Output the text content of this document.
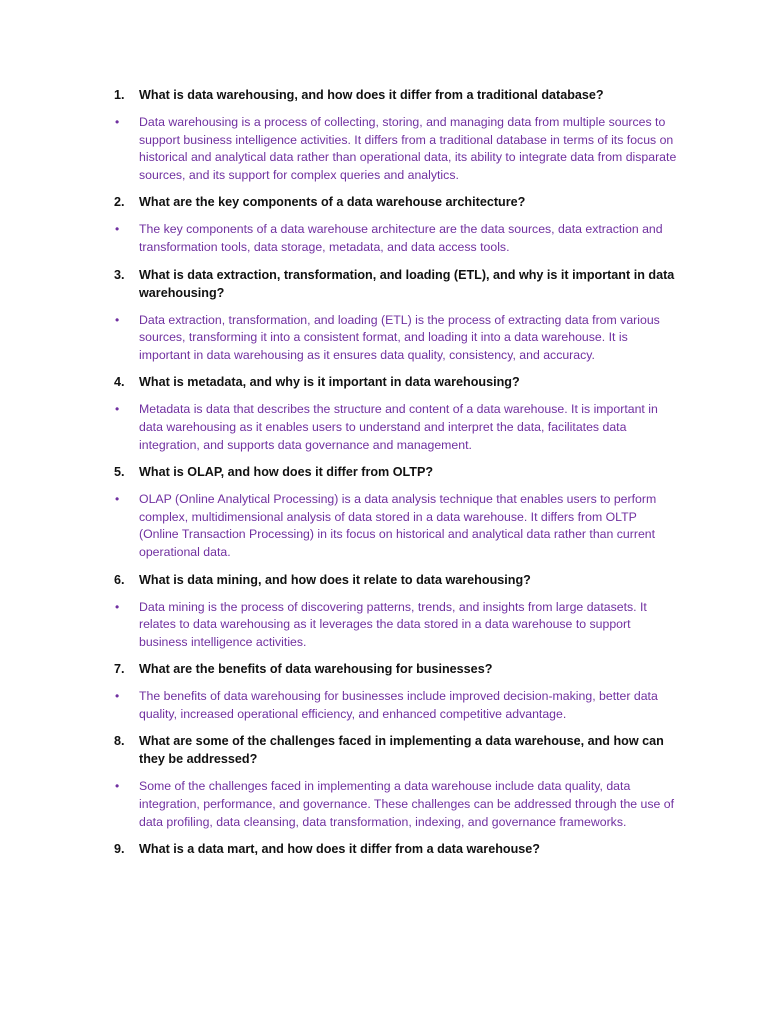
1.	What is data warehousing, and how does it differ from a traditional database?
•	Data warehousing is a process of collecting, storing, and managing data from multiple sources to support business intelligence activities. It differs from a traditional database in terms of its focus on historical and analytical data rather than operational data, its ability to integrate data from disparate sources, and its support for complex queries and analytics.
2.	What are the key components of a data warehouse architecture?
•	The key components of a data warehouse architecture are the data sources, data extraction and transformation tools, data storage, metadata, and data access tools.
3.	What is data extraction, transformation, and loading (ETL), and why is it important in data warehousing?
•	Data extraction, transformation, and loading (ETL) is the process of extracting data from various sources, transforming it into a consistent format, and loading it into a data warehouse. It is important in data warehousing as it ensures data quality, consistency, and accuracy.
4.	What is metadata, and why is it important in data warehousing?
•	Metadata is data that describes the structure and content of a data warehouse. It is important in data warehousing as it enables users to understand and interpret the data, facilitates data integration, and supports data governance and management.
5.	What is OLAP, and how does it differ from OLTP?
•	OLAP (Online Analytical Processing) is a data analysis technique that enables users to perform complex, multidimensional analysis of data stored in a data warehouse. It differs from OLTP (Online Transaction Processing) in its focus on historical and analytical data rather than current operational data.
6.	What is data mining, and how does it relate to data warehousing?
•	Data mining is the process of discovering patterns, trends, and insights from large datasets. It relates to data warehousing as it leverages the data stored in a data warehouse to support business intelligence activities.
7.	What are the benefits of data warehousing for businesses?
•	The benefits of data warehousing for businesses include improved decision-making, better data quality, increased operational efficiency, and enhanced competitive advantage.
8.	What are some of the challenges faced in implementing a data warehouse, and how can they be addressed?
•	Some of the challenges faced in implementing a data warehouse include data quality, data integration, performance, and governance. These challenges can be addressed through the use of data profiling, data cleansing, data transformation, indexing, and governance frameworks.
9.	What is a data mart, and how does it differ from a data warehouse?
